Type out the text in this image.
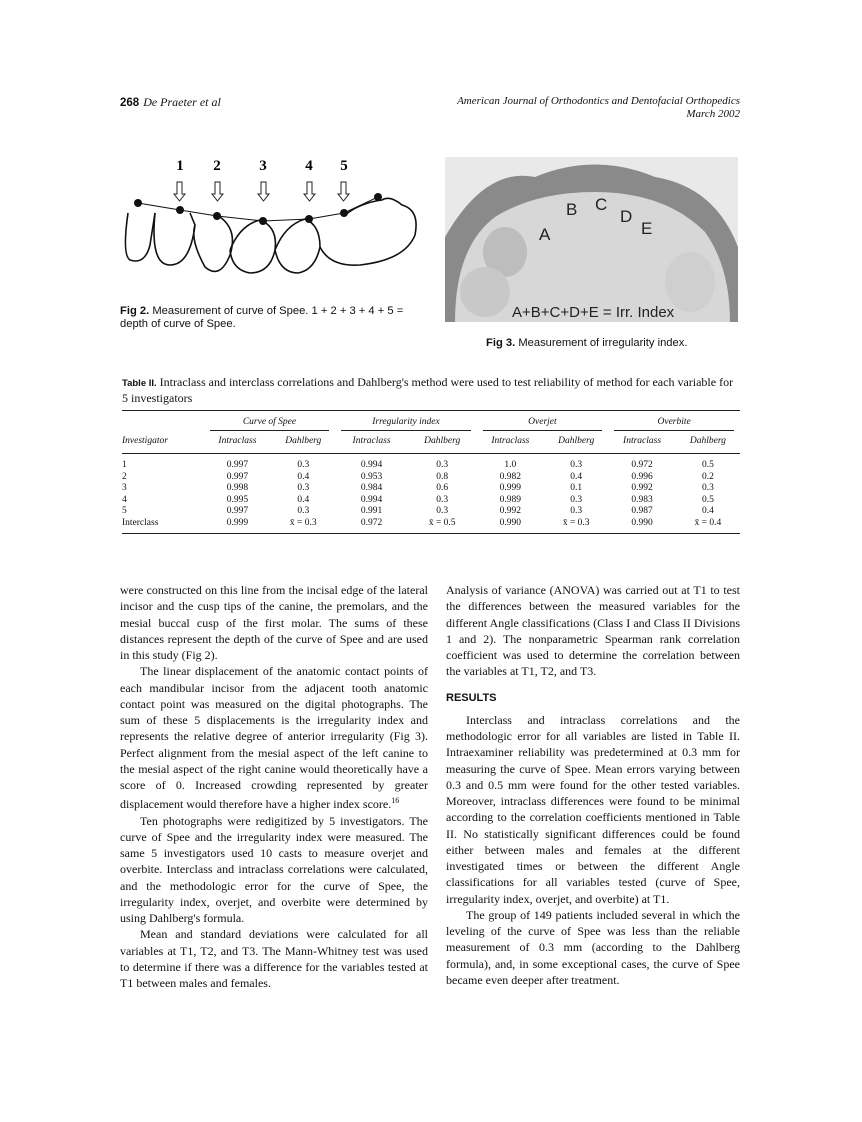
268 De Praeter et al	American Journal of Orthodontics and Dentofacial Orthopedics
March 2002
1 2	3	4 5
Fig 2. Measurement of curve of Spee. 1 + 2 + 3 + 4 + 5 = depth of curve of Spee.
A
B C
D
E
A+B+C+D+E = Irr. Index
Fig 3. Measurement of irregularity index.
Table II. Intraclass and interclass correlations and Dahlberg's method were used to test reliability of method for each variable for 5 investigators

	Curve of Spee		Irregularity index		Overjet		Overbite	

Investigator	Intraclass	Dahlberg	Intraclass	Dahlberg	Intraclass	Dahlberg	Intraclass	Dahlberg
1	0.997	0.3	0.994	0.3	1.0	0.3	0.972	0.5
2	0.997	0.4	0.953	0.8	0.982	0.4	0.996	0.2
3	0.998	0.3	0.984	0.6	0.999	0.1	0.992	0.3
4	0.995	0.4	0.994	0.3	0.989	0.3	0.983	0.5
5	0.997	0.3	0.991	0.3	0.992	0.3	0.987	0.4
Interclass	0.999	x̄ = 0.3	0.972	x̄ = 0.5	0.990	x̄ = 0.3	0.990	x̄ = 0.4

were constructed on this line from the incisal edge of the lateral incisor and the cusp tips of the canine, the premolars, and the mesial buccal cusp of the first molar. The sums of these distances represent the depth of the curve of Spee and are used in this study (Fig 2).

The linear displacement of the anatomic contact points of each mandibular incisor from the adjacent tooth anatomic contact point was measured on the digital photographs. The sum of these 5 displacements is the irregularity index and represents the relative degree of anterior irregularity (Fig 3). Perfect alignment from the mesial aspect of the left canine to the mesial aspect of the right canine would theoretically have a score of 0. Increased crowding represented by greater displacement would therefore have a higher index score.$^{16}$

Ten photographs were redigitized by 5 investigators. The curve of Spee and the irregularity index were measured. The same 5 investigators used 10 casts to measure overjet and overbite. Interclass and intraclass correlations were calculated, and the methodologic error for the curve of Spee, the irregularity index, overjet, and overbite were determined by using Dahlberg's formula.

Mean and standard deviations were calculated for all variables at T1, T2, and T3. The Mann-Whitney test was used to determine if there was a difference for the variables tested at T1 between males and females.

Analysis of variance (ANOVA) was carried out at T1 to test the differences between the measured variables for the different Angle classifications (Class I and Class II Divisions 1 and 2). The nonparametric Spearman rank correlation coefficient was used to determine the correlation between the variables at T1, T2, and T3.

RESULTS

Interclass and intraclass correlations and the methodologic error for all variables are listed in Table II. Intraexaminer reliability was predetermined at 0.3 mm for measuring the curve of Spee. Mean errors varying between 0.3 and 0.5 mm were found for the other tested variables. Moreover, intraclass differences were found to be minimal according to the correlation coefficients mentioned in Table II. No statistically significant differences could be found either between males and females at the different investigated times or between the different Angle classifications for all variables tested (curve of Spee, irregularity index, overjet, and overbite) at T1.

The group of 149 patients included several in which the leveling of the curve of Spee was less than the reliable measurement of 0.3 mm (according to the Dahlberg formula), and, in some exceptional cases, the curve of Spee became even deeper after treatment.
